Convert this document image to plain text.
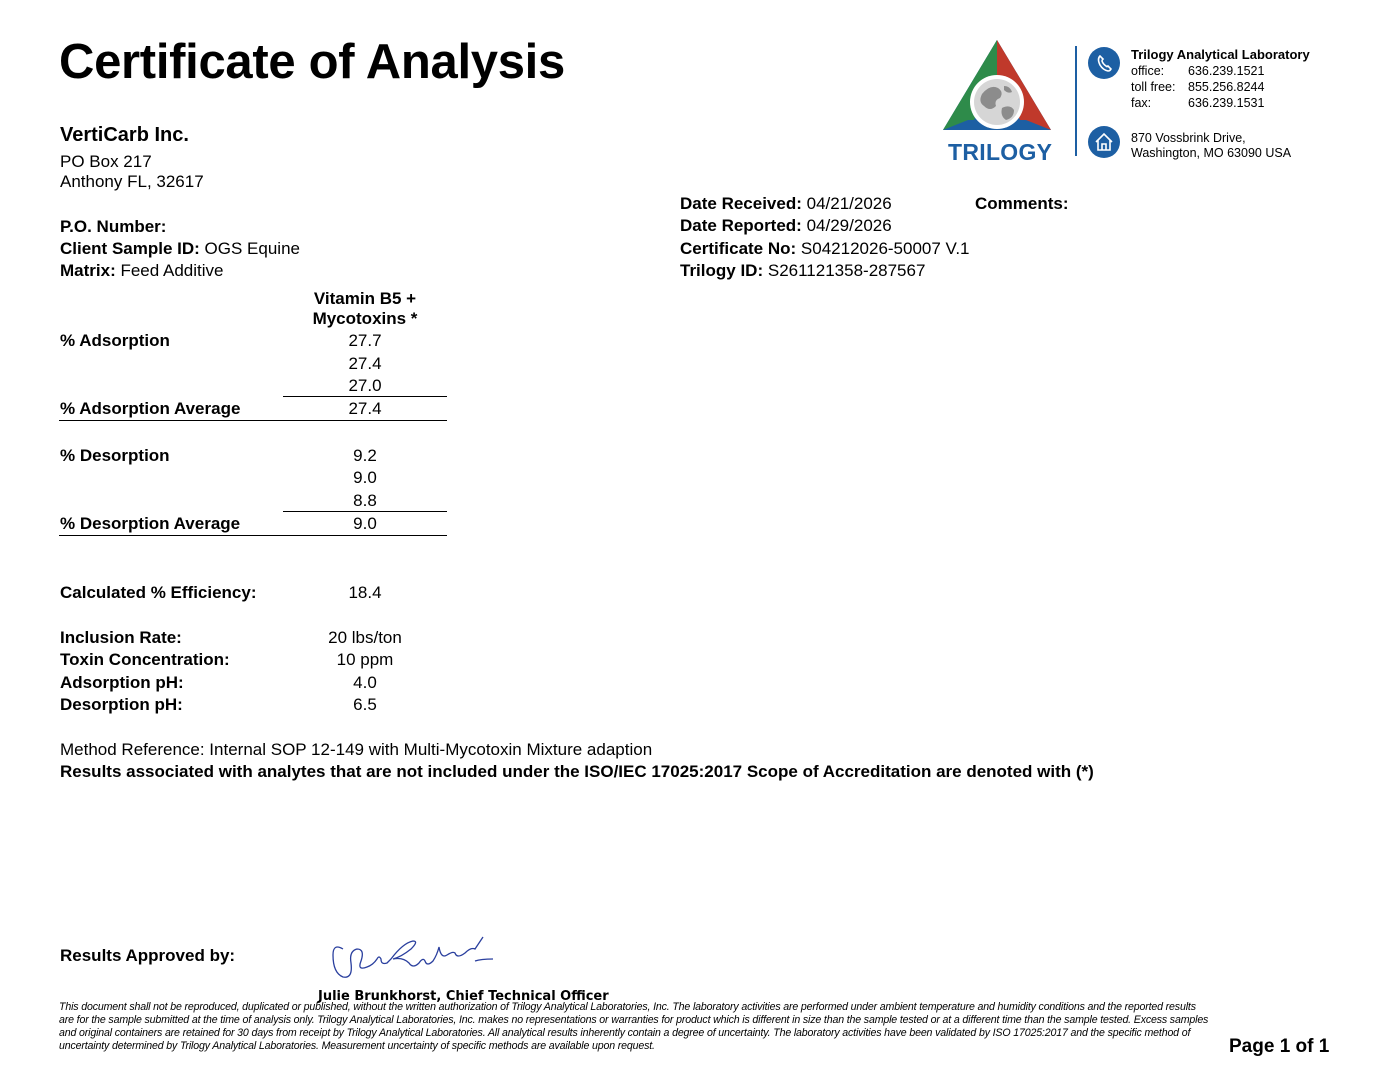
Certificate of Analysis
VertiCarb Inc.
PO Box 217
Anthony FL, 32617
P.O. Number:
Client Sample ID: OGS Equine
Matrix: Feed Additive
Date Received: 04/21/2026	Comments:
Date Reported: 04/29/2026
Certificate No: S04212026-50007 V.1
Trilogy ID: S261121358-287567
TRILOGY
Trilogy Analytical Laboratory
office: 636.239.1521
toll free: 855.256.8244
fax:	636.239.1531
870 Vossbrink Drive,
Washington, MO 63090 USA
Vitamin B5 +
Mycotoxins *
% Adsorption	27.7
27.4
27.0
% Adsorption Average	27.4
% Desorption	9.2
9.0
8.8
% Desorption Average	9.0
Calculated % Efficiency:	18.4
Inclusion Rate:	20 lbs/ton
Toxin Concentration:	10 ppm
Adsorption pH:	4.0
Desorption pH:	6.5
Method Reference: Internal SOP 12-149 with Multi-Mycotoxin Mixture adaption
Results associated with analytes that are not included under the ISO/IEC 17025:2017 Scope of Accreditation are denoted with (*)
Results Approved by:
Julie Brunkhorst, Chief Technical Officer
This document shall not be reproduced, duplicated or published, without the written authorization of Trilogy Analytical Laboratories, Inc. The laboratory activities are performed under ambient temperature and humidity conditions and the reported results are for the sample submitted at the time of analysis only. Trilogy Analytical Laboratories, Inc. makes no representations or warranties for product which is different in size than the sample tested or at a different time than the sample tested. Excess samples and original containers are retained for 30 days from receipt by Trilogy Analytical Laboratories. All analytical results inherently contain a degree of uncertainty. The laboratory activities have been validated by ISO 17025:2017 and the specific method of uncertainty determined by Trilogy Analytical Laboratories. Measurement uncertainty of specific methods are available upon request.	Page 1 of 1
